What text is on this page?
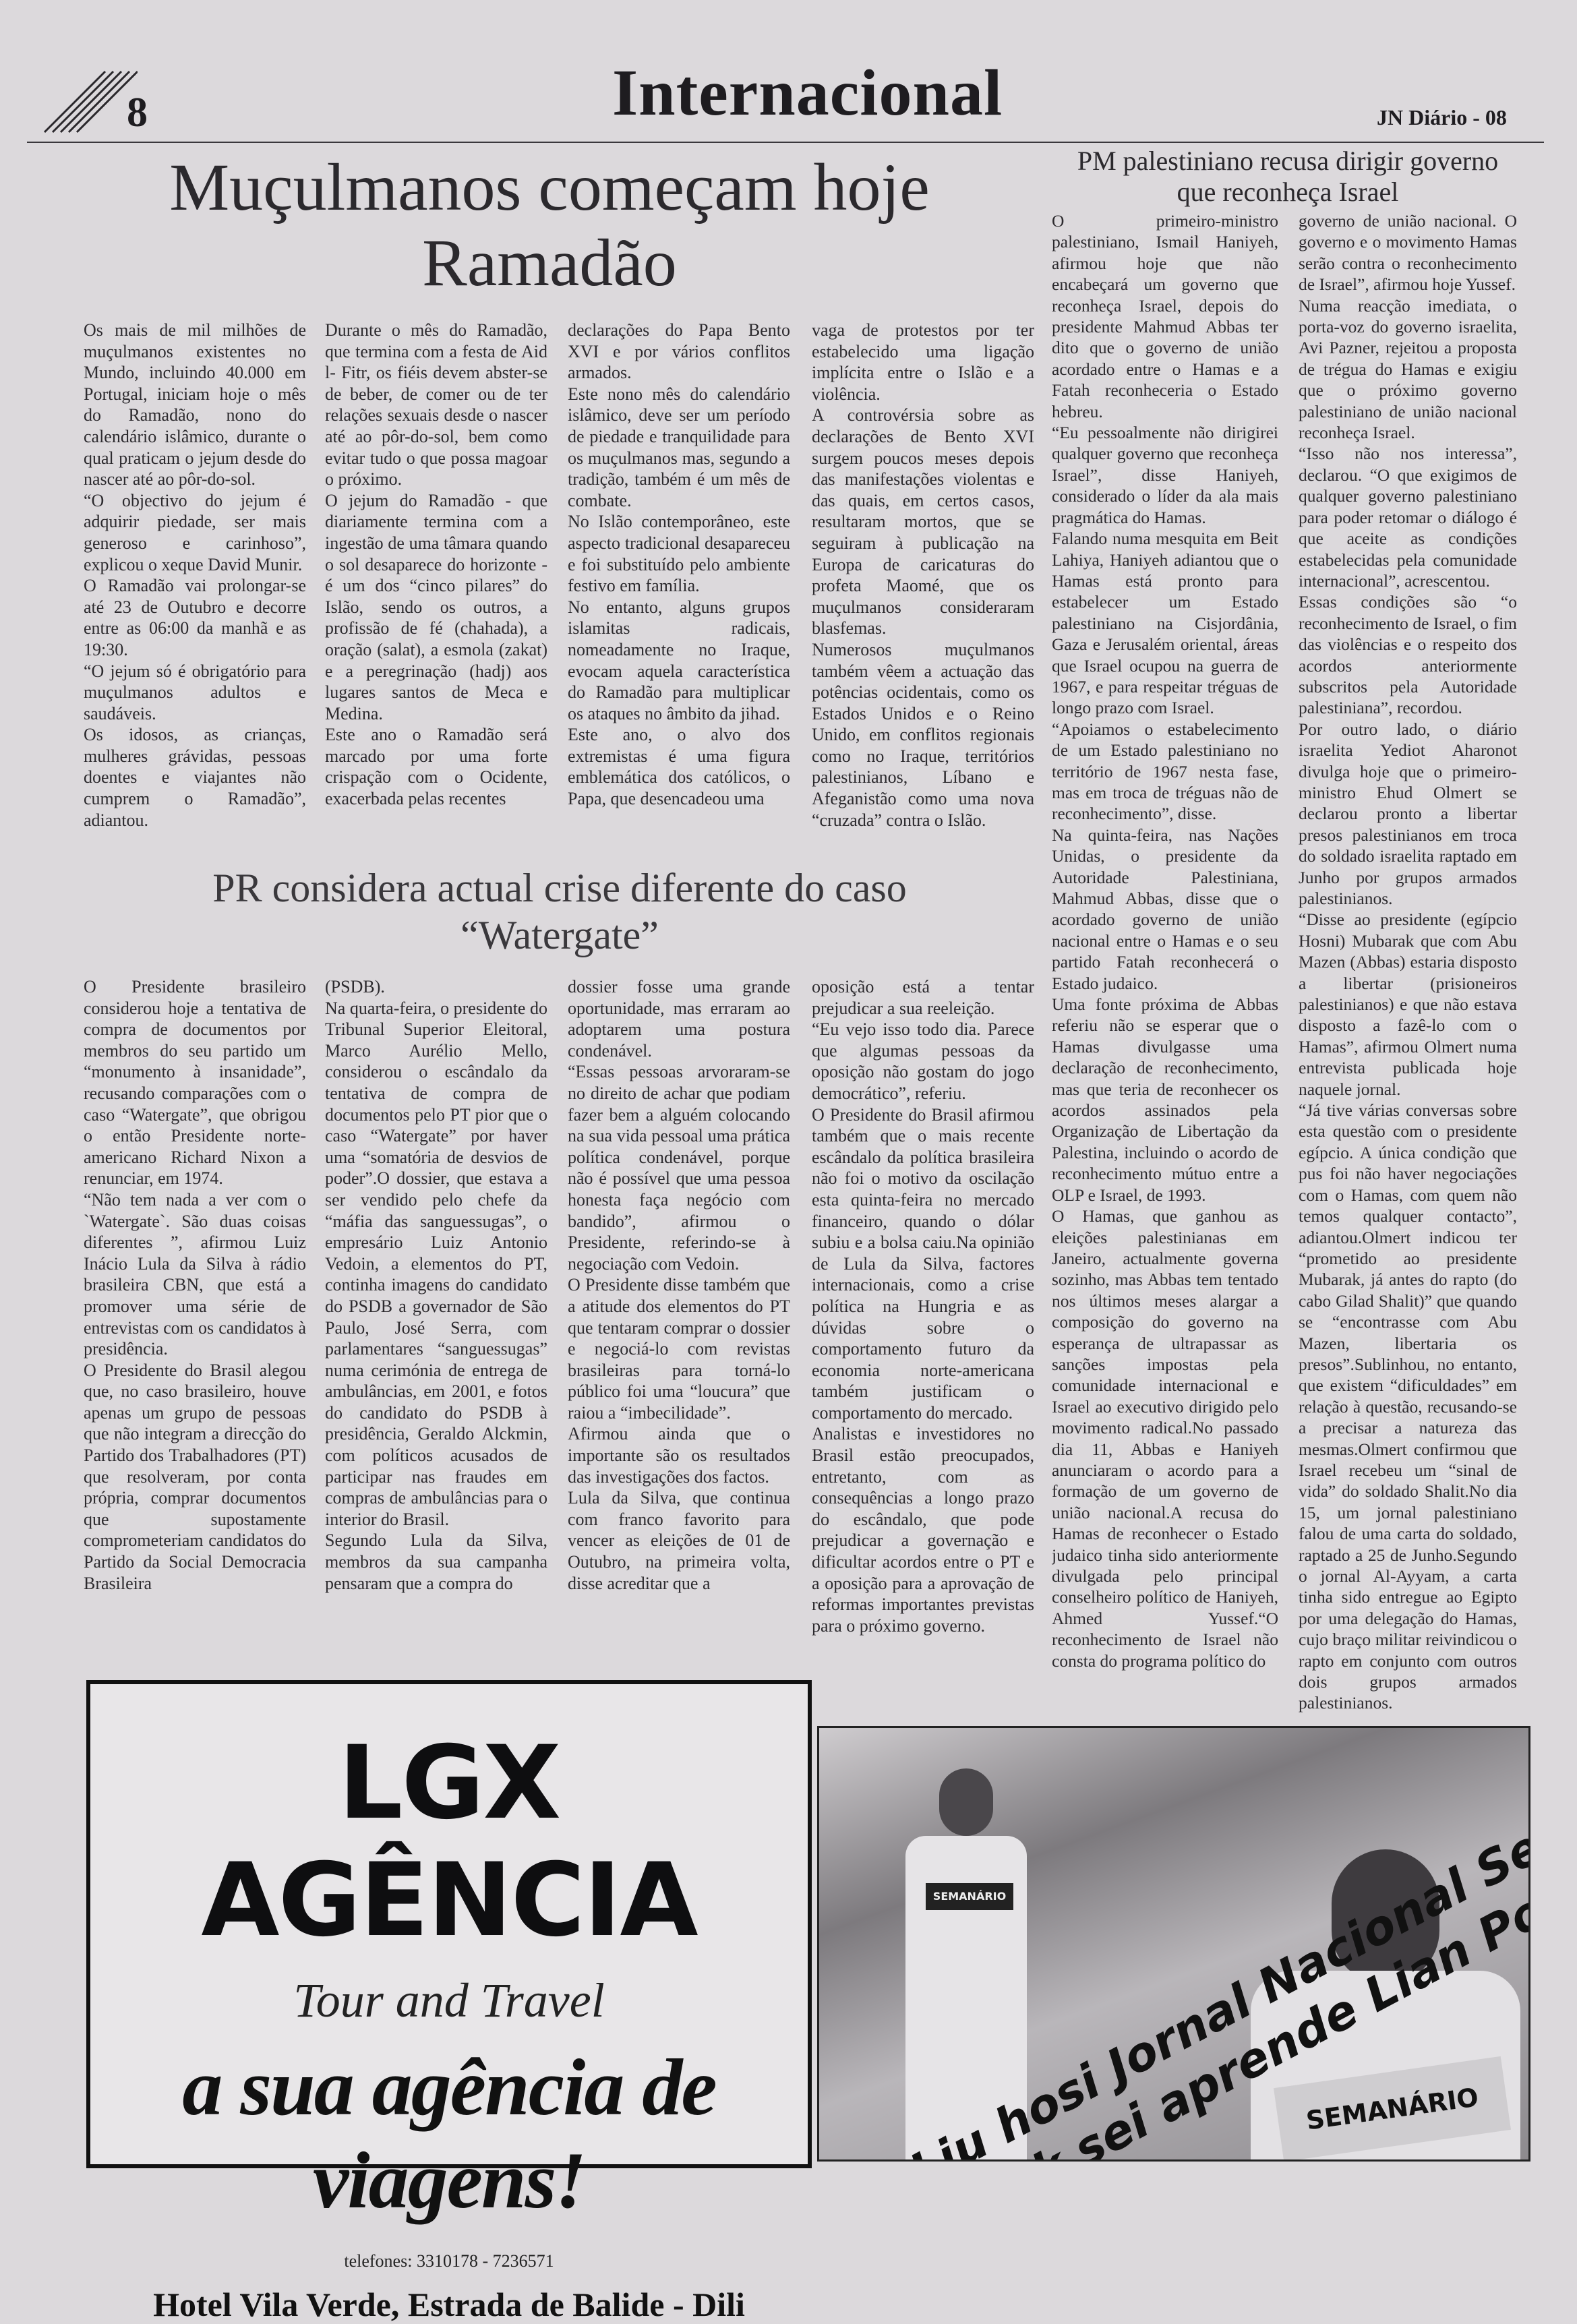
8	Internacional	JN Diário - 08
Muçulmanos começam hoje
Ramadão

Os mais de mil milhões de muçulmanos existentes no Mundo, incluindo 40.000 em Portugal, iniciam hoje o mês do Ramadão, nono do calendário islâmico, durante o qual praticam o jejum desde do nascer até ao pôr-do-sol.

“O objectivo do jejum é adquirir piedade, ser mais generoso e carinhoso”, explicou o xeque David Munir.

O Ramadão vai prolongar-se até 23 de Outubro e decorre entre as 06:00 da manhã e as 19:30.

“O jejum só é obrigatório para muçulmanos adultos e saudáveis.

Os idosos, as crianças, mulheres grávidas, pessoas doentes e viajantes não cumprem o Ramadão”, adiantou.

Durante o mês do Ramadão, que termina com a festa de Aid l- Fitr, os fiéis devem abster-se de beber, de comer ou de ter relações sexuais desde o nascer até ao pôr-do-sol, bem como evitar tudo o que possa magoar o próximo.

O jejum do Ramadão - que diariamente termina com a ingestão de uma tâmara quando o sol desaparece do horizonte - é um dos “cinco pilares” do Islão, sendo os outros, a profissão de fé (chahada), a oração (salat), a esmola (zakat) e a peregrinação (hadj) aos lugares santos de Meca e Medina.

Este ano o Ramadão será marcado por uma forte crispação com o Ocidente, exacerbada pelas recentes

declarações do Papa Bento XVI e por vários conflitos armados.

Este nono mês do calendário islâmico, deve ser um período de piedade e tranquilidade para os muçulmanos mas, segundo a tradição, também é um mês de combate.

No Islão contemporâneo, este aspecto tradicional desapareceu e foi substituído pelo ambiente festivo em família.

No entanto, alguns grupos islamitas radicais, nomeadamente no Iraque, evocam aquela característica do Ramadão para multiplicar os ataques no âmbito da jihad.

Este ano, o alvo dos extremistas é uma figura emblemática dos católicos, o Papa, que desencadeou uma

vaga de protestos por ter estabelecido uma ligação implícita entre o Islão e a violência.

A controvérsia sobre as declarações de Bento XVI surgem poucos meses depois das manifestações violentas e das quais, em certos casos, resultaram mortos, que se seguiram à publicação na Europa de caricaturas do profeta Maomé, que os muçulmanos consideraram blasfemas.

Numerosos muçulmanos também vêem a actuação das potências ocidentais, como os Estados Unidos e o Reino Unido, em conflitos regionais como no Iraque, territórios palestinianos, Líbano e Afeganistão como uma nova “cruzada” contra o Islão.

PR considera actual crise diferente do caso
“Watergate”

O Presidente brasileiro considerou hoje a tentativa de compra de documentos por membros do seu partido um “monumento à insanidade”, recusando comparações com o caso “Watergate”, que obrigou o então Presidente norte-americano Richard Nixon a renunciar, em 1974.

“Não tem nada a ver com o `Watergate`. São duas coisas diferentes ”, afirmou Luiz Inácio Lula da Silva à rádio brasileira CBN, que está a promover uma série de entrevistas com os candidatos à presidência.

O Presidente do Brasil alegou que, no caso brasileiro, houve apenas um grupo de pessoas que não integram a direcção do Partido dos Trabalhadores (PT) que resolveram, por conta própria, comprar documentos que supostamente comprometeriam candidatos do Partido da Social Democracia Brasileira

(PSDB).

Na quarta-feira, o presidente do Tribunal Superior Eleitoral, Marco Aurélio Mello, considerou o escândalo da tentativa de compra de documentos pelo PT pior que o caso “Watergate” por haver uma “somatória de desvios de poder”.O dossier, que estava a ser vendido pelo chefe da “máfia das sanguessugas”, o empresário Luiz Antonio Vedoin, a elementos do PT, continha imagens do candidato do PSDB a governador de São Paulo, José Serra, com parlamentares “sanguessugas” numa cerimónia de entrega de ambulâncias, em 2001, e fotos do candidato do PSDB à presidência, Geraldo Alckmin, com políticos acusados de participar nas fraudes em compras de ambulâncias para o interior do Brasil.

Segundo Lula da Silva, membros da sua campanha pensaram que a compra do

dossier fosse uma grande oportunidade, mas erraram ao adoptarem uma postura condenável.

“Essas pessoas arvoraram-se no direito de achar que podiam fazer bem a alguém colocando na sua vida pessoal uma prática política condenável, porque não é possível que uma pessoa honesta faça negócio com bandido”, afirmou o Presidente, referindo-se à negociação com Vedoin.

O Presidente disse também que a atitude dos elementos do PT que tentaram comprar o dossier e negociá-lo com revistas brasileiras para torná-lo público foi uma “loucura” que raiou a “imbecilidade”.

Afirmou ainda que o importante são os resultados das investigações dos factos.

Lula da Silva, que continua com franco favorito para vencer as eleições de 01 de Outubro, na primeira volta, disse acreditar que a

oposição está a tentar prejudicar a sua reeleição.

“Eu vejo isso todo dia. Parece que algumas pessoas da oposição não gostam do jogo democrático”, referiu.

O Presidente do Brasil afirmou também que o mais recente escândalo da política brasileira não foi o motivo da oscilação esta quinta-feira no mercado financeiro, quando o dólar subiu e a bolsa caiu.Na opinião de Lula da Silva, factores internacionais, como a crise política na Hungria e as dúvidas sobre o comportamento futuro da economia norte-americana também justificam o comportamento do mercado.

Analistas e investidores no Brasil estão preocupados, entretanto, com as consequências a longo prazo do escândalo, que pode prejudicar a governação e dificultar acordos entre o PT e a oposição para a aprovação de reformas importantes previstas para o próximo governo.

PM palestiniano recusa dirigir governo
que reconheça Israel

O primeiro-ministro palestiniano, Ismail Haniyeh, afirmou hoje que não encabeçará um governo que reconheça Israel, depois do presidente Mahmud Abbas ter dito que o governo de união acordado entre o Hamas e a Fatah reconheceria o Estado hebreu.

“Eu pessoalmente não dirigirei qualquer governo que reconheça Israel”, disse Haniyeh, considerado o líder da ala mais pragmática do Hamas.

Falando numa mesquita em Beit Lahiya, Haniyeh adiantou que o Hamas está pronto para estabelecer um Estado palestiniano na Cisjordânia, Gaza e Jerusalém oriental, áreas que Israel ocupou na guerra de 1967, e para respeitar tréguas de longo prazo com Israel.

“Apoiamos o estabelecimento de um Estado palestiniano no território de 1967 nesta fase, mas em troca de tréguas não de reconhecimento”, disse.

Na quinta-feira, nas Nações Unidas, o presidente da Autoridade Palestiniana, Mahmud Abbas, disse que o acordado governo de união nacional entre o Hamas e o seu partido Fatah reconhecerá o Estado judaico.

Uma fonte próxima de Abbas referiu não se esperar que o Hamas divulgasse uma declaração de reconhecimento, mas que teria de reconhecer os acordos assinados pela Organização de Libertação da Palestina, incluindo o acordo de reconhecimento mútuo entre a OLP e Israel, de 1993.

O Hamas, que ganhou as eleições palestinianas em Janeiro, actualmente governa sozinho, mas Abbas tem tentado nos últimos meses alargar a composição do governo na esperança de ultrapassar as sanções impostas pela comunidade internacional e Israel ao executivo dirigido pelo movimento radical.No passado dia 11, Abbas e Haniyeh anunciaram o acordo para a formação de um governo de união nacional.A recusa do Hamas de reconhecer o Estado judaico tinha sido anteriormente divulgada pelo principal conselheiro político de Haniyeh, Ahmed Yussef.“O reconhecimento de Israel não consta do programa político do

governo de união nacional. O governo e o movimento Hamas serão contra o reconhecimento de Israel”, afirmou hoje Yussef.

Numa reacção imediata, o porta-voz do governo israelita, Avi Pazner, rejeitou a proposta de trégua do Hamas e exigiu que o próximo governo palestiniano de união nacional reconheça Israel.

“Isso não nos interessa”, declarou. “O que exigimos de qualquer governo palestiniano para poder retomar o diálogo é que aceite as condições estabelecidas pela comunidade internacional”, acrescentou.

Essas condições são “o reconhecimento de Israel, o fim das violências e o respeito dos acordos anteriormente subscritos pela Autoridade palestiniana”, recordou.

Por outro lado, o diário israelita Yediot Aharonot divulga hoje que o primeiro-ministro Ehud Olmert se declarou pronto a libertar presos palestinianos em troca do soldado israelita raptado em Junho por grupos armados palestinianos.

“Disse ao presidente (egípcio Hosni) Mubarak que com Abu Mazen (Abbas) estaria disposto a libertar (prisioneiros palestinianos) e que não estava disposto a fazê-lo com o Hamas”, afirmou Olmert numa entrevista publicada hoje naquele jornal.

“Já tive várias conversas sobre esta questão com o presidente egípcio. A única condição que pus foi não haver negociações com o Hamas, com quem não temos qualquer contacto”, adiantou.Olmert indicou ter “prometido ao presidente Mubarak, já antes do rapto (do cabo Gilad Shalit)” que quando se “encontrasse com Abu Mazen, libertaria os presos”.Sublinhou, no entanto, que existem “dificuldades” em relação à questão, recusando-se a precisar a natureza das mesmas.Olmert confirmou que Israel recebeu um “sinal de vida” do soldado Shalit.No dia 15, um jornal palestiniano falou de uma carta do soldado, raptado a 25 de Junho.Segundo o jornal Al-Ayyam, a carta tinha sido entregue ao Egipto por uma delegação do Hamas, cujo braço militar reivindicou o rapto em conjunto com outros dois grupos armados palestinianos.

LGX AGÊNCIA
Tour and Travel
a sua agência de viagens!
telefones: 3310178 - 7236571
Hotel Vila Verde, Estrada de Balide - Dili
SEMANÁRIO
SEMANÁRIO
Liu hosi Jornal Nacional
sei aprende Lian
